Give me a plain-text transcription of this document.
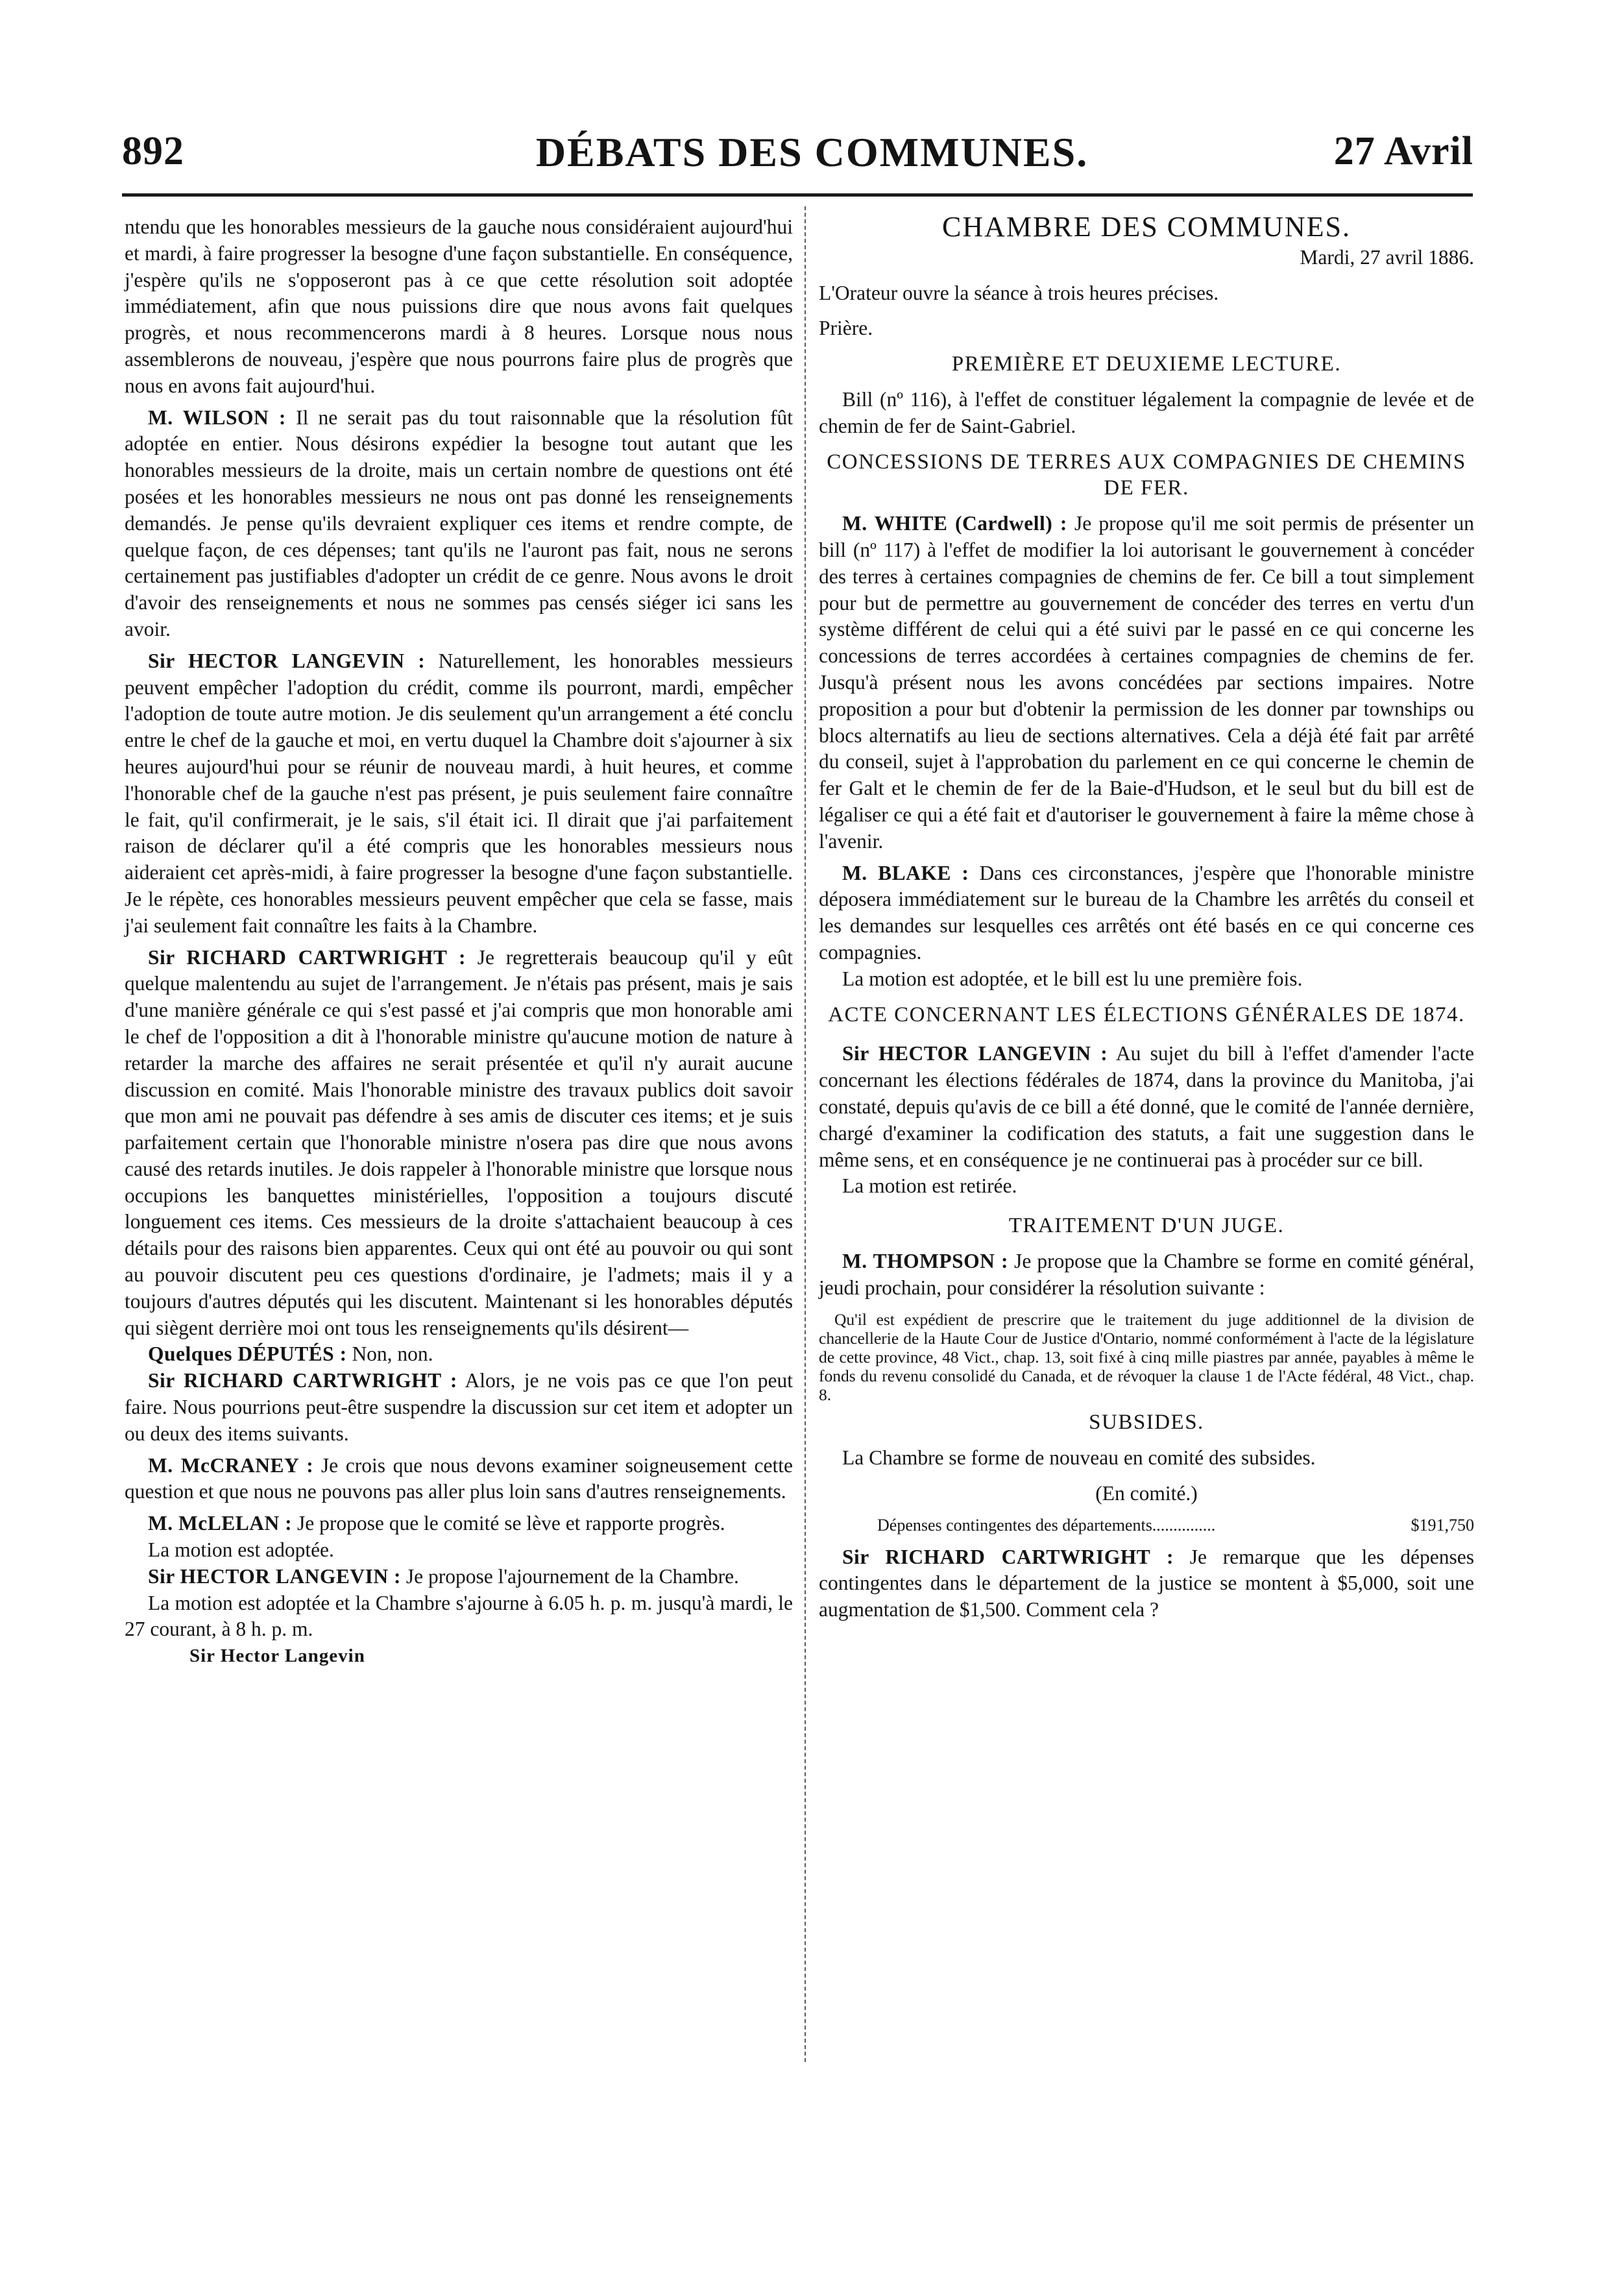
892	DÉBATS DES COMMUNES.	27 Avril

ntendu que les honorables messieurs de la gauche nous considéraient aujourd'hui et mardi, à faire progresser la besogne d'une façon substantielle. En conséquence, j'espère qu'ils ne s'opposeront pas à ce que cette résolution soit adoptée immédiatement, afin que nous puissions dire que nous avons fait quelques progrès, et nous recommencerons mardi à 8 heures. Lorsque nous nous assemblerons de nouveau, j'espère que nous pourrons faire plus de progrès que nous en avons fait aujourd'hui.

M. WILSON : Il ne serait pas du tout raisonnable que la résolution fût adoptée en entier. Nous désirons expédier la besogne tout autant que les honorables messieurs de la droite, mais un certain nombre de questions ont été posées et les honorables messieurs ne nous ont pas donné les renseignements demandés. Je pense qu'ils devraient expliquer ces items et rendre compte, de quelque façon, de ces dépenses; tant qu'ils ne l'auront pas fait, nous ne serons certainement pas justifiables d'adopter un crédit de ce genre. Nous avons le droit d'avoir des renseignements et nous ne sommes pas censés siéger ici sans les avoir.

Sir HECTOR LANGEVIN : Naturellement, les honorables messieurs peuvent empêcher l'adoption du crédit, comme ils pourront, mardi, empêcher l'adoption de toute autre motion. Je dis seulement qu'un arrangement a été conclu entre le chef de la gauche et moi, en vertu duquel la Chambre doit s'ajourner à six heures aujourd'hui pour se réunir de nouveau mardi, à huit heures, et comme l'honorable chef de la gauche n'est pas présent, je puis seulement faire connaître le fait, qu'il confirmerait, je le sais, s'il était ici. Il dirait que j'ai parfaitement raison de déclarer qu'il a été compris que les honorables messieurs nous aideraient cet après-midi, à faire progresser la besogne d'une façon substantielle. Je le répète, ces honorables messieurs peuvent empêcher que cela se fasse, mais j'ai seulement fait connaître les faits à la Chambre.

Sir RICHARD CARTWRIGHT : Je regretterais beaucoup qu'il y eût quelque malentendu au sujet de l'arrangement. Je n'étais pas présent, mais je sais d'une manière générale ce qui s'est passé et j'ai compris que mon honorable ami le chef de l'opposition a dit à l'honorable ministre qu'aucune motion de nature à retarder la marche des affaires ne serait présentée et qu'il n'y aurait aucune discussion en comité. Mais l'honorable ministre des travaux publics doit savoir que mon ami ne pouvait pas défendre à ses amis de discuter ces items; et je suis parfaitement certain que l'honorable ministre n'osera pas dire que nous avons causé des retards inutiles. Je dois rappeler à l'honorable ministre que lorsque nous occupions les banquettes ministérielles, l'opposition a toujours discuté longuement ces items. Ces messieurs de la droite s'attachaient beaucoup à ces détails pour des raisons bien apparentes. Ceux qui ont été au pouvoir ou qui sont au pouvoir discutent peu ces questions d'ordinaire, je l'admets; mais il y a toujours d'autres députés qui les discutent. Maintenant si les honorables députés qui siègent derrière moi ont tous les renseignements qu'ils désirent—

Quelques DÉPUTÉS : Non, non.

Sir RICHARD CARTWRIGHT : Alors, je ne vois pas ce que l'on peut faire. Nous pourrions peut-être suspendre la discussion sur cet item et adopter un ou deux des items suivants.

M. McCRANEY : Je crois que nous devons examiner soigneusement cette question et que nous ne pouvons pas aller plus loin sans d'autres renseignements.

M. McLELAN : Je propose que le comité se lève et rapporte progrès.

La motion est adoptée.

Sir HECTOR LANGEVIN : Je propose l'ajournement de la Chambre.

La motion est adoptée et la Chambre s'ajourne à 6.05 h. p. m. jusqu'à mardi, le 27 courant, à 8 h. p. m.

Sir Hector Langevin
CHAMBRE DES COMMUNES.

Mardi, 27 avril 1886.

L'Orateur ouvre la séance à trois heures précises.

Prière.

PREMIÈRE ET DEUXIEME LECTURE.

Bill (nº 116), à l'effet de constituer légalement la compagnie de levée et de chemin de fer de Saint-Gabriel.

CONCESSIONS DE TERRES AUX COMPAGNIES DE CHEMINS DE FER.

M. WHITE (Cardwell) : Je propose qu'il me soit permis de présenter un bill (nº 117) à l'effet de modifier la loi autorisant le gouvernement à concéder des terres à certaines compagnies de chemins de fer. Ce bill a tout simplement pour but de permettre au gouvernement de concéder des terres en vertu d'un système différent de celui qui a été suivi par le passé en ce qui concerne les concessions de terres accordées à certaines compagnies de chemins de fer. Jusqu'à présent nous les avons concédées par sections impaires. Notre proposition a pour but d'obtenir la permission de les donner par townships ou blocs alternatifs au lieu de sections alternatives. Cela a déjà été fait par arrêté du conseil, sujet à l'approbation du parlement en ce qui concerne le chemin de fer Galt et le chemin de fer de la Baie-d'Hudson, et le seul but du bill est de légaliser ce qui a été fait et d'autoriser le gouvernement à faire la même chose à l'avenir.

M. BLAKE : Dans ces circonstances, j'espère que l'honorable ministre déposera immédiatement sur le bureau de la Chambre les arrêtés du conseil et les demandes sur lesquelles ces arrêtés ont été basés en ce qui concerne ces compagnies.

La motion est adoptée, et le bill est lu une première fois.

ACTE CONCERNANT LES ÉLECTIONS GÉNÉRALES DE 1874.

Sir HECTOR LANGEVIN : Au sujet du bill à l'effet d'amender l'acte concernant les élections fédérales de 1874, dans la province du Manitoba, j'ai constaté, depuis qu'avis de ce bill a été donné, que le comité de l'année dernière, chargé d'examiner la codification des statuts, a fait une suggestion dans le même sens, et en conséquence je ne continuerai pas à procéder sur ce bill.

La motion est retirée.

TRAITEMENT D'UN JUGE.

M. THOMPSON : Je propose que la Chambre se forme en comité général, jeudi prochain, pour considérer la résolution suivante :

Qu'il est expédient de prescrire que le traitement du juge additionnel de la division de chancellerie de la Haute Cour de Justice d'Ontario, nommé conformément à l'acte de la législature de cette province, 48 Vict., chap. 13, soit fixé à cinq mille piastres par année, payables à même le fonds du revenu consolidé du Canada, et de révoquer la clause 1 de l'Acte fédéral, 48 Vict., chap. 8.

SUBSIDES.

La Chambre se forme de nouveau en comité des subsides.

(En comité.)

Dépenses contingentes des départements...............	$191,750

Sir RICHARD CARTWRIGHT : Je remarque que les dépenses contingentes dans le département de la justice se montent à $5,000, soit une augmentation de $1,500. Comment cela ?
